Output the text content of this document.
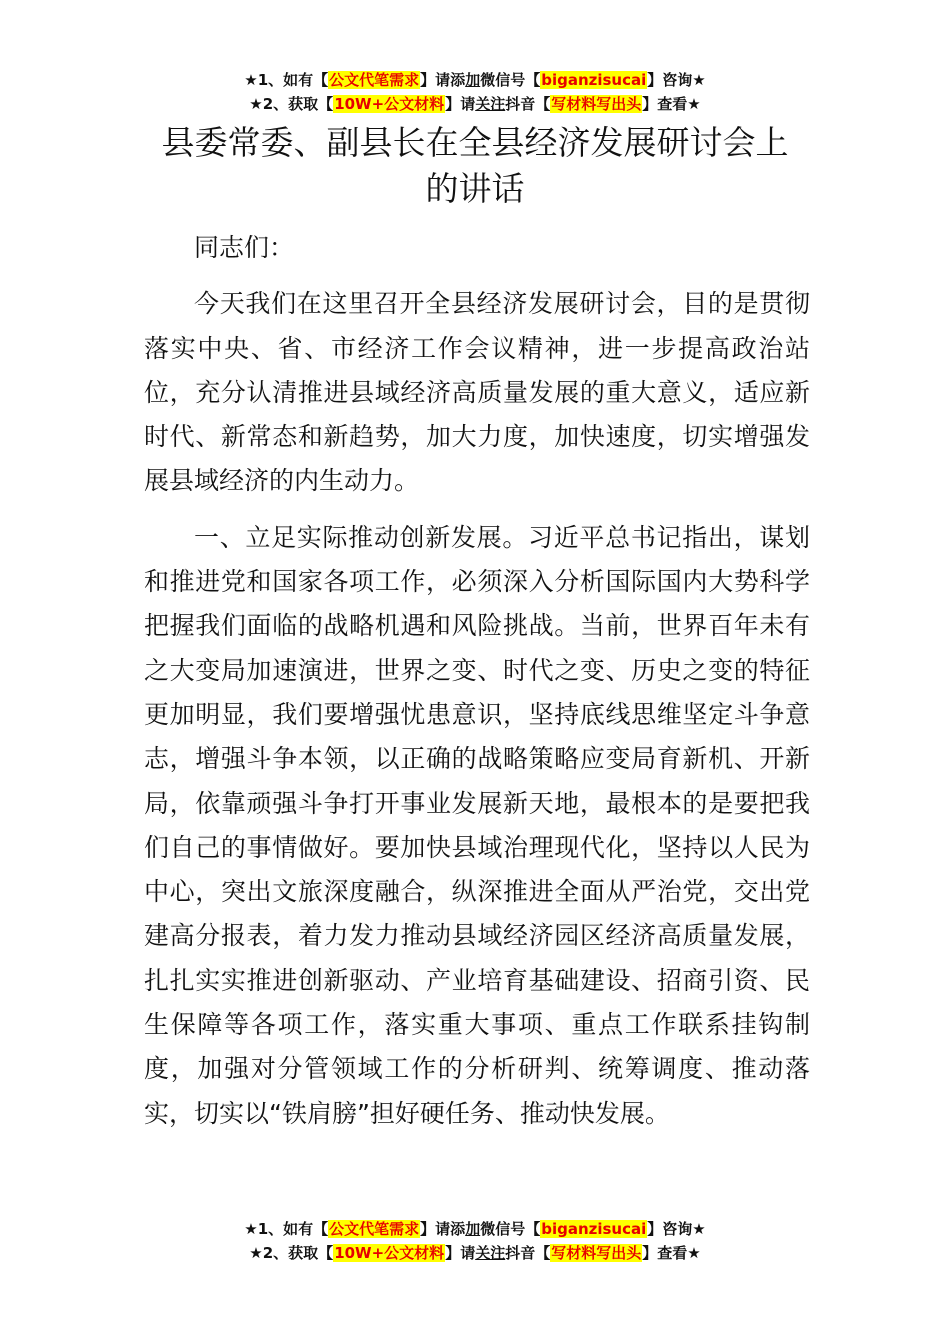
★1、如有【公文代笔需求】请添加微信号【biganzisucai】咨询★
★2、获取【10W+公文材料】请关注抖音【写材料写出头】查看★
县委常委、副县长在全县经济发展研讨会上的讲话

同志们：

今天我们在这里召开全县经济发展研讨会，目的是贯彻落实中央、省、市经济工作会议精神，进一步提高政治站位，充分认清推进县域经济高质量发展的重大意义，适应新时代、新常态和新趋势，加大力度，加快速度，切实增强发展县域经济的内生动力。

一、立足实际推动创新发展。习近平总书记指出，谋划和推进党和国家各项工作，必须深入分析国际国内大势科学把握我们面临的战略机遇和风险挑战。当前，世界百年未有之大变局加速演进，世界之变、时代之变、历史之变的特征更加明显，我们要增强忧患意识，坚持底线思维坚定斗争意志，增强斗争本领，以正确的战略策略应变局育新机、开新局，依靠顽强斗争打开事业发展新天地，最根本的是要把我们自己的事情做好。要加快县域治理现代化，坚持以人民为中心，突出文旅深度融合，纵深推进全面从严治党，交出党建高分报表，着力发力推动县域经济园区经济高质量发展，扎扎实实推进创新驱动、产业培育基础建设、招商引资、民生保障等各项工作，落实重大事项、重点工作联系挂钩制度，加强对分管领域工作的分析研判、统筹调度、推动落实，切实以“铁肩膀”担好硬任务、推动快发展。

★1、如有【公文代笔需求】请添加微信号【biganzisucai】咨询★
★2、获取【10W+公文材料】请关注抖音【写材料写出头】查看★
